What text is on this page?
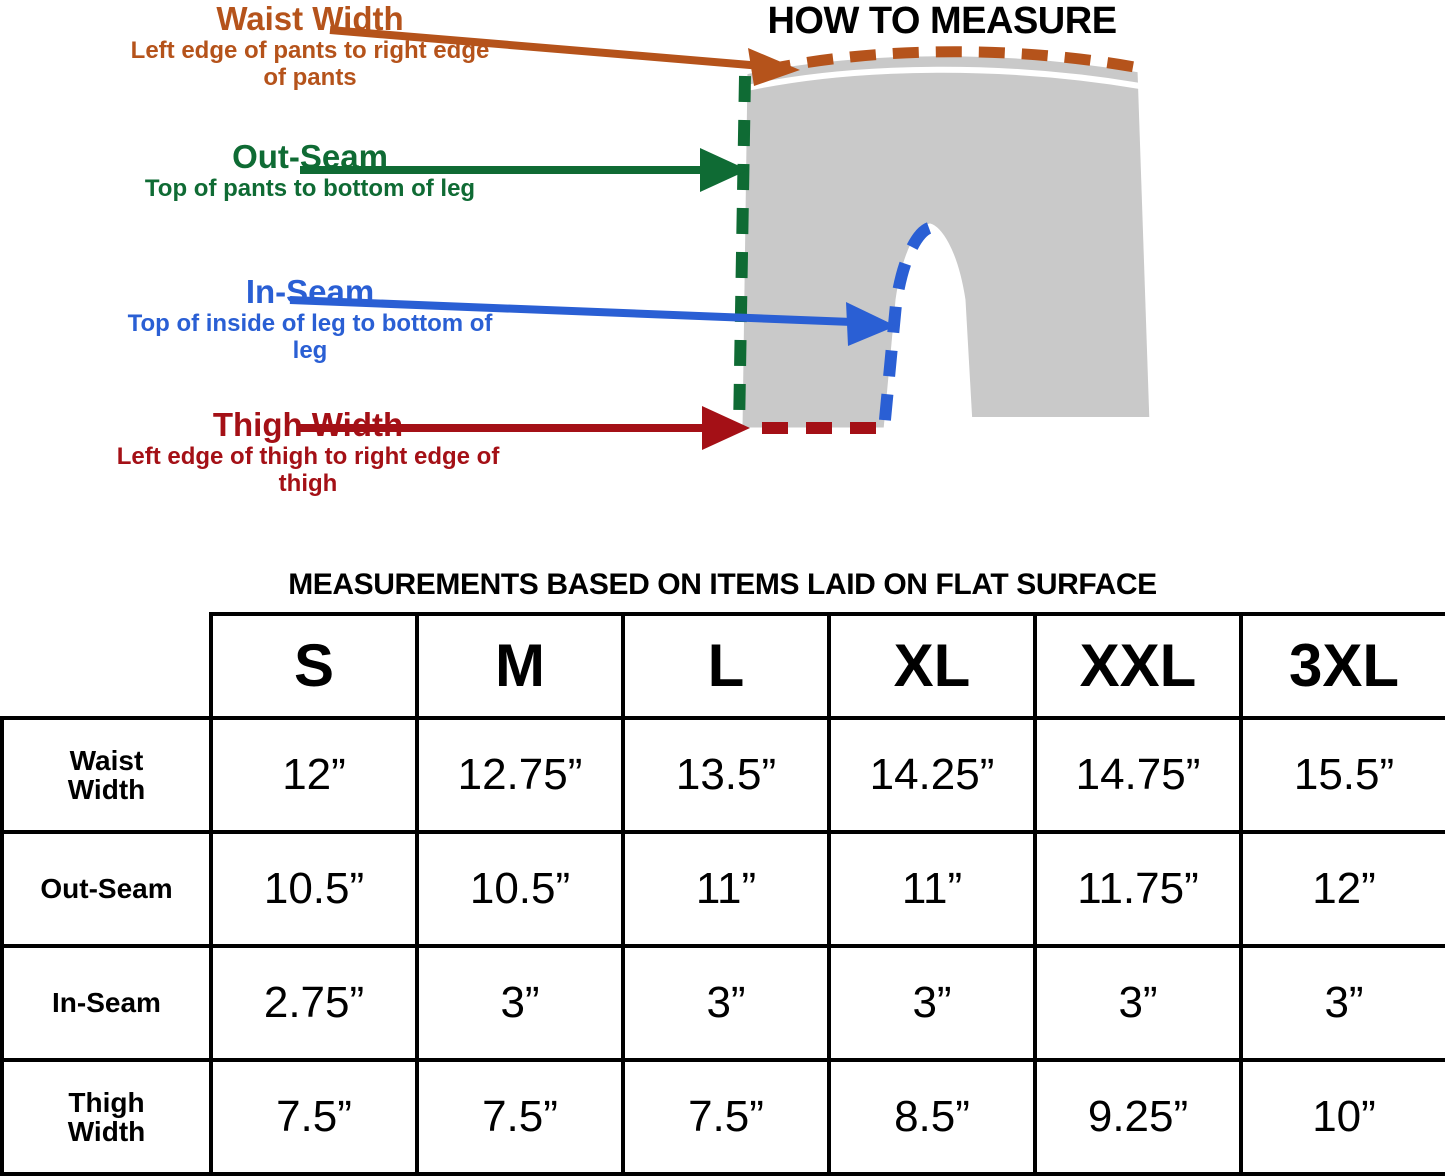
HOW TO MEASURE
Waist Width
Left edge of pants to right edge of pants
Out-Seam
Top of pants to bottom of leg
In-Seam
Top of inside of leg to bottom of leg
Thigh Width
Left edge of thigh to right edge of thigh
MEASUREMENTS BASED ON ITEMS LAID ON FLAT SURFACE
	S	M	L	XL	XXL	3XL
Waist
Width	12”	12.75”	13.5”	14.25”	14.75”	15.5”
Out-Seam	10.5”	10.5”	11”	11”	11.75”	12”
In-Seam	2.75”	3”	3”	3”	3”	3”
Thigh
Width	7.5”	7.5”	7.5”	8.5”	9.25”	10”
